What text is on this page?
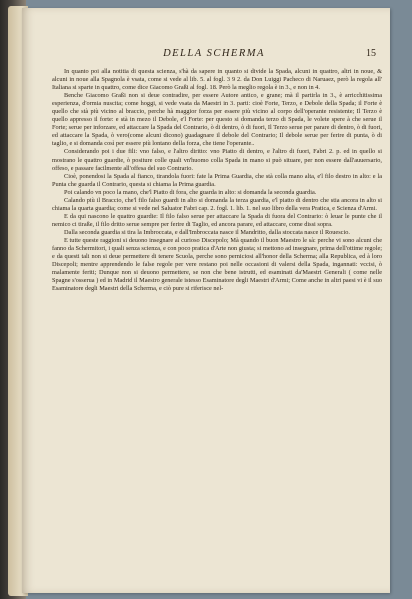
DELLA SCHERMA	15

In quanto poi alla notitia di questa scienza, s'hà da sapere in quanto si divide la Spada, alcuni in quattro, altri in noue, & alcuni in noue alla Spagnola è vsata, come si vede al lib. 5. al fogl. 3 9 2. da Don Luiggi Pacheco di Naruaez, però la regola all' Italiana si sparte in quattro, come dice Giacomo Graßi al fogl. 18. Però la meglio regola è in 3., e non in 4.

Benche Giacomo Graßi non si deue contradire, per essere Autore antico, e grane; mà il partirla in 3., è arricchitissima esperienza, d'ormia nuscita; come hoggi, si vede vsata da Maestri in 3. parti: cioè Forte, Terzo, e Debole della Spada; il Forte è quello che stà più vicino al braccio, perche hà maggior forza per essere più vicino al corpo dell'operante resistente; Il Terzo è quello appresso il forte: e stà in mezo il Debole, e'l Forte: per questo si domanda terzo di Spada, le volete spere à che serue il Forte; serue per inforzare, ed attaccare la Spada del Contrario, ò di dentro, ò di fuori, Il Terzo serue per parare di dentro, ò di fuori, ed attaccare la Spada, ò vero(come alcuni dicono) guadagnare il debole del Contrario; Il debole serue per ferire di punta, ò di taglio, e si domanda così per essere più lontano della forza, che tiene l'operante..

Considerando poi i due fili: vno falso, e l'altro diritto: vno Piatto di dentro, e l'altro di fuori, Fabri 2. p. ed in quello si mostrano le quattro guardie, ò positure colle quali vn'huomo colla Spada in mano si può situare, per non essere dall'auuersario, offeso, e passare facilmente all'offesa del suo Contrario.

Cioè, ponendosi la Spada al fianco, tirandola fuori: fate la Prima Guardia, che stà colla mano alta, e'l filo destro in alto: e la Punta che guarda il Contrario, questa si chiama la Prima guardia.

Poi calando vn poco la mano, che'l Piatto di fora, che guarda in alto: si domanda la seconda guardia.

Calando più il Braccio, che'l filo falso guardi in alto si domanda la terza guardia, e'l piatto di dentro che stia ancora in alto si chiama la quarta guardia; come si vede nel Saluator Fabri cap. 2. fogl. 1. lib. 1. nel suo libro della vera Pratica, e Scienza d'Armi.

E da qui nascono le quattro guardie: Il filo falso serue per attaccare la Spada di fuora del Contrario: ò leuar le punte che il nemico ci tiraße, il filo dritto serue sempre per ferire di Taglio, ed ancora parare, ed attaccare, come dissi sopra.

Dalla seconda guardia si tira la Imbroccata, e dall'Imbroccata nasce il Mandritto, dalla stoccata nasce il Rouescio.

E tutte queste raggioni si deuono insegnare al curioso Discepolo; Mà quando il buon Maestro le sà: perche vi sono alcuni che fanno da Schermitori, i quali senza scienza, e con poco pratica d'Arte non giusta; si mettono ad insegnare, prima dell'ottime regole; e da questi tali non si deue permettere di tenere Scuola, perche sono perniciosi all'honor della Scherma; alla Republica, ed à loro Discepoli; mentre apprendendo le false regole per vere restano poi nelle occasioni di valersi della Spada, ingannati: vccisi, ò malamente feriti; Dunque non si deuono permettere, se non che bene istrutti, ed esaminati da'Maestri Generali ( come nelle Spagne s'osserua ) ed in Madrid il Maestro generale istesso Esaminatore degli Maestri d'Armi; Come anche in altri paesi vi è il suo Esaminatore degli Maestri della Scherma, e ciò pure si riferisce nel-
